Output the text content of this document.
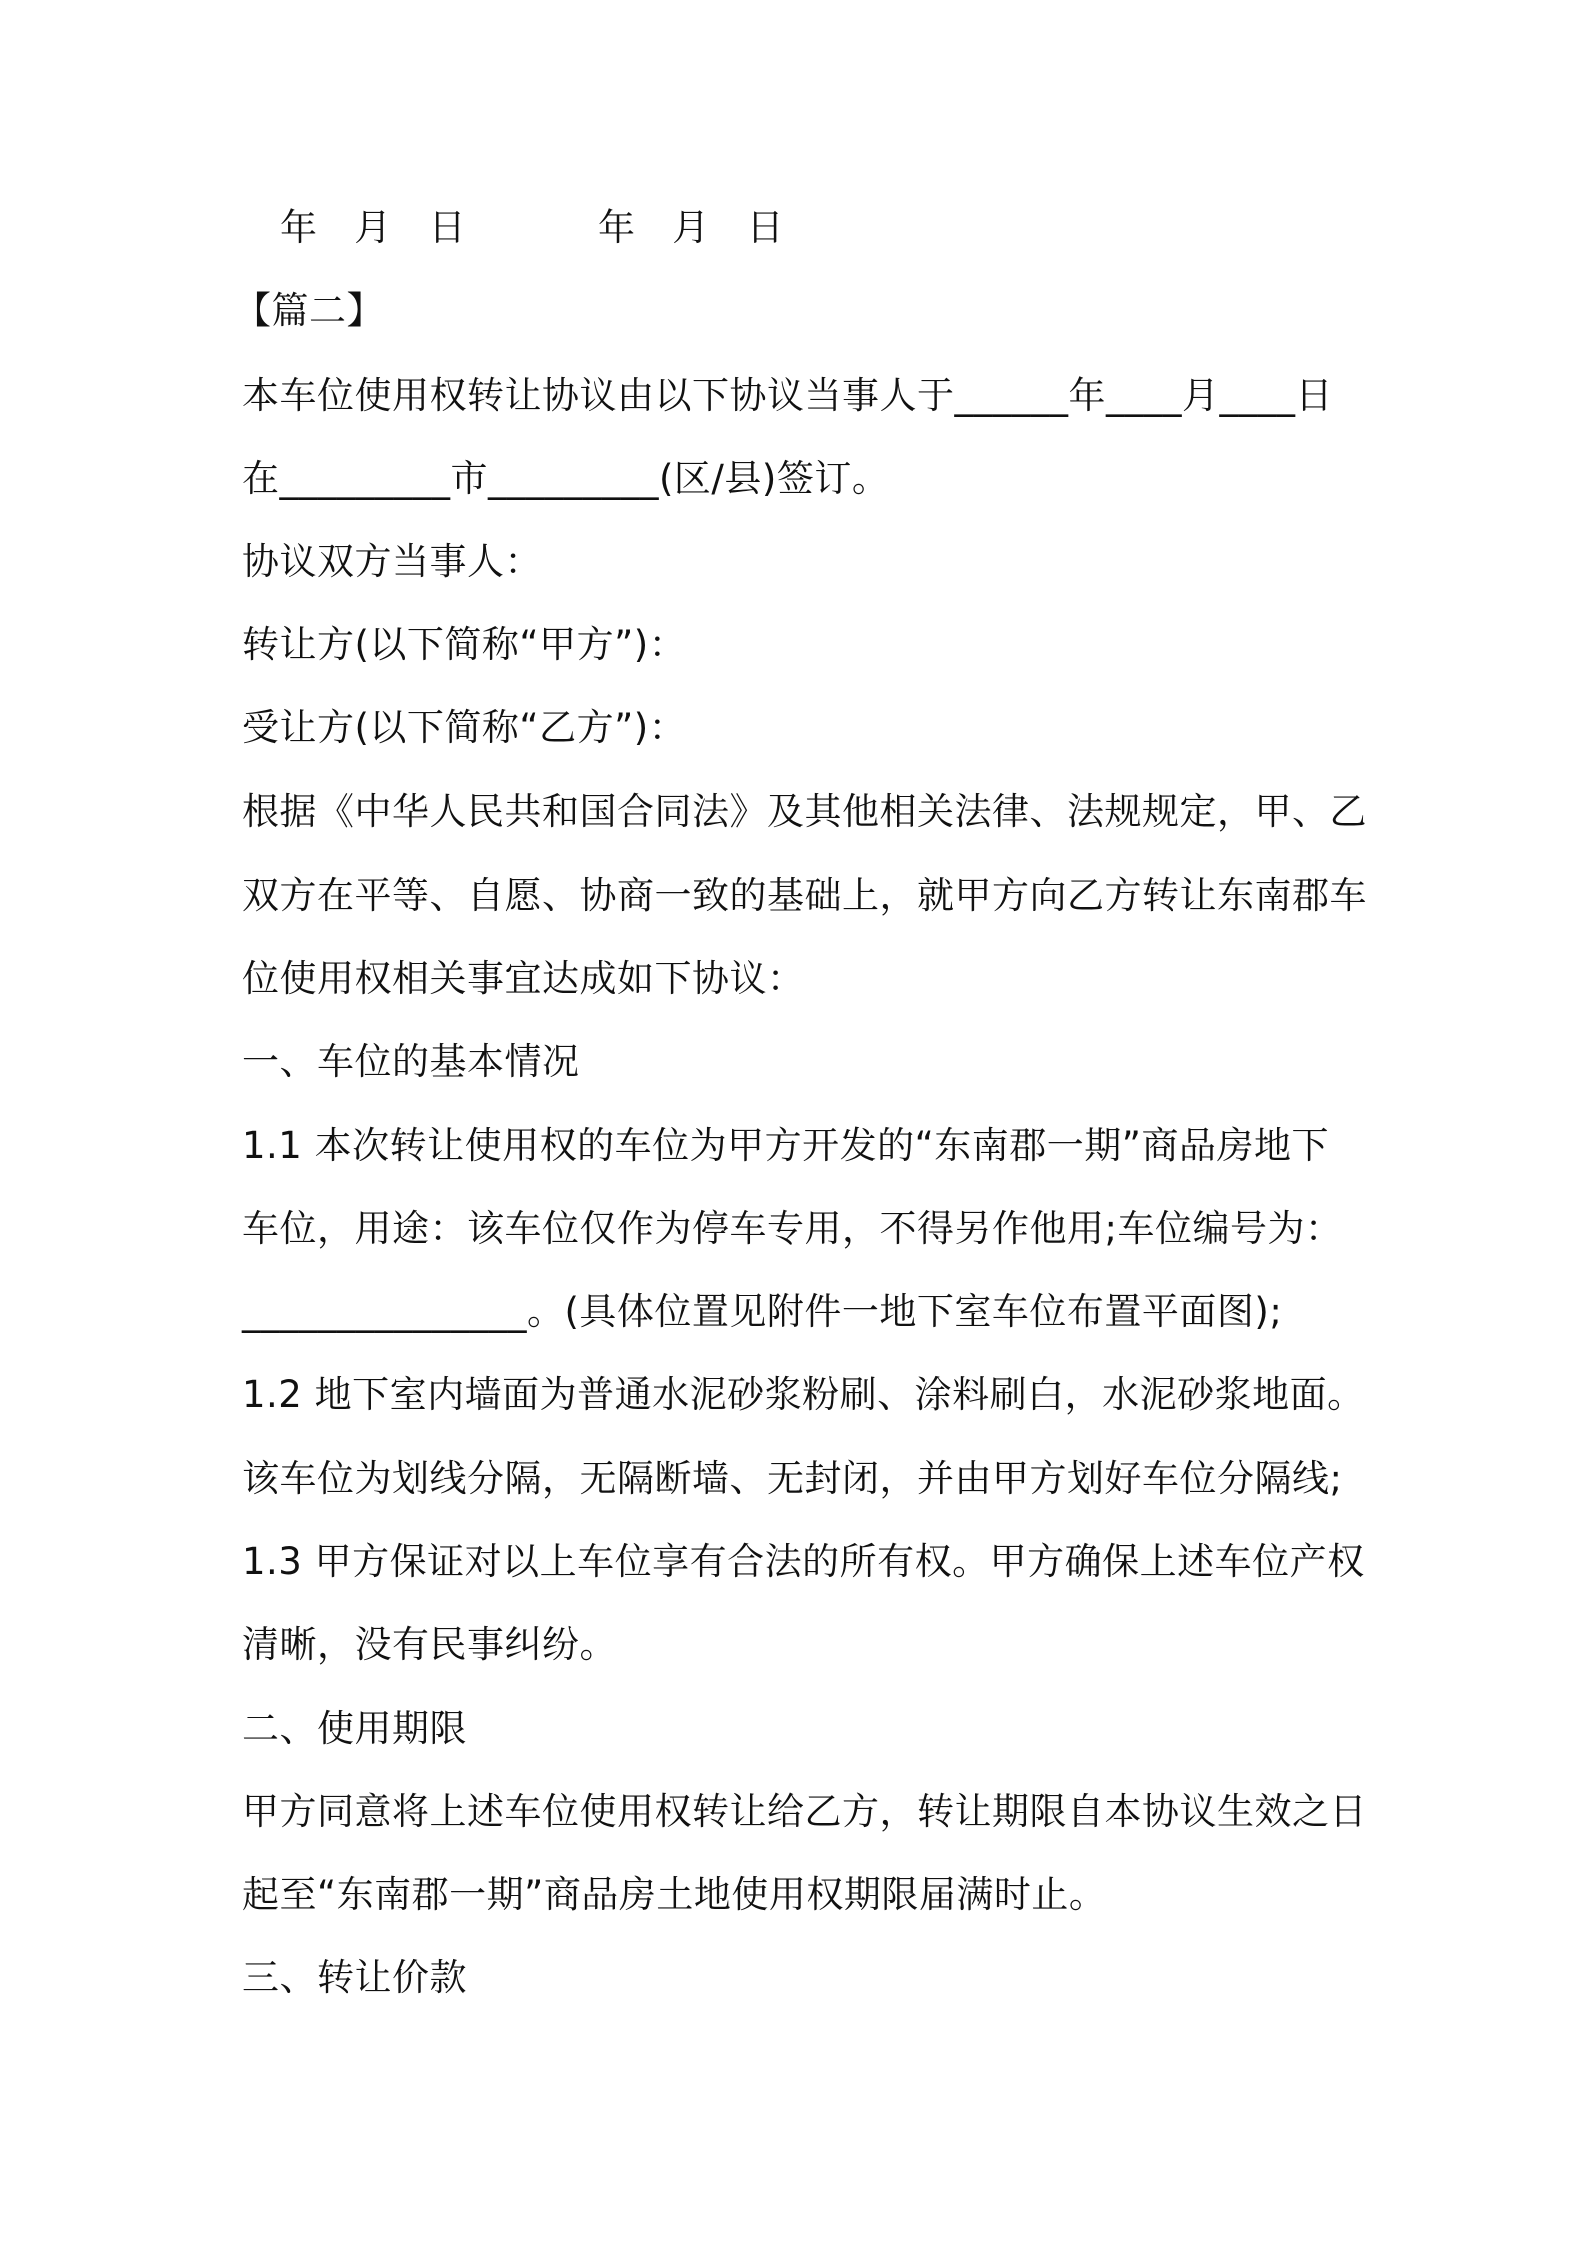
年   月   日	年   月   日
【篇二】
本车位使用权转让协议由以下协议当事人于______年____月____日
在_________市_________(区/县)签订。
协议双方当事人：
转让方(以下简称“甲方”)：
受让方(以下简称“乙方”)：
根据《中华人民共和国合同法》及其他相关法律、法规规定，甲、乙
双方在平等、自愿、协商一致的基础上，就甲方向乙方转让东南郡车
位使用权相关事宜达成如下协议：
一、车位的基本情况
1.1 本次转让使用权的车位为甲方开发的“东南郡一期”商品房地下
车位，用途：该车位仅作为停车专用，不得另作他用;车位编号为：
_______________。(具体位置见附件一地下室车位布置平面图);
1.2 地下室内墙面为普通水泥砂浆粉刷、涂料刷白，水泥砂浆地面。
该车位为划线分隔，无隔断墙、无封闭，并由甲方划好车位分隔线;
1.3 甲方保证对以上车位享有合法的所有权。甲方确保上述车位产权
清晰，没有民事纠纷。
二、使用期限
甲方同意将上述车位使用权转让给乙方，转让期限自本协议生效之日
起至“东南郡一期”商品房土地使用权期限届满时止。
三、转让价款
